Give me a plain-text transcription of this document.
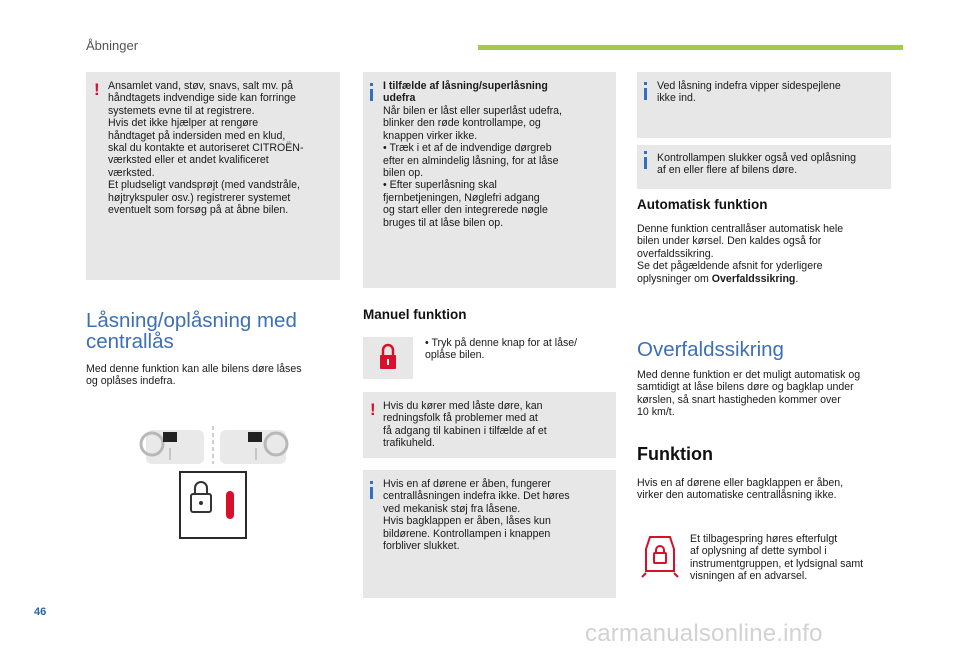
Åbninger
! Ansamlet vand, støv, snavs, salt mv. på
håndtagets indvendige side kan forringe
systemets evne til at registrere.
Hvis det ikke hjælper at rengøre
håndtaget på indersiden med en klud,
skal du kontakte et autoriseret CITROËN-
værksted eller et andet kvalificeret
værksted.
Et pludseligt vandsprøjt (med vandstråle,
højtrykspuler osv.) registrerer systemet
eventuelt som forsøg på at åbne bilen.
Låsning/oplåsning med
centrallås
Med denne funktion kan alle bilens døre låses
og oplåses indefra.
I tilfælde af låsning/superlåsning
udefra
Når bilen er låst eller superlåst udefra,
blinker den røde kontrollampe, og
knappen virker ikke.
• Træk i et af de indvendige dørgreb
efter en almindelig låsning, for at låse
bilen op.
• Efter superlåsning skal
fjernbetjeningen, Nøglefri adgang
og start eller den integrerede nøgle
bruges til at låse bilen op.
Manuel funktion
• Tryk på denne knap for at låse/
oplåse bilen.
! Hvis du kører med låste døre, kan
redningsfolk få problemer med at
få adgang til kabinen i tilfælde af et
trafikuheld.
Hvis en af dørene er åben, fungerer
centrallåsningen indefra ikke. Det høres
ved mekanisk støj fra låsene.
Hvis bagklappen er åben, låses kun
bildørene. Kontrollampen i knappen
forbliver slukket.
Ved låsning indefra vipper sidespejlene
ikke ind.
Kontrollampen slukker også ved oplåsning
af en eller flere af bilens døre.
Automatisk funktion
Denne funktion centrallåser automatisk hele
bilen under kørsel. Den kaldes også for
overfaldssikring.
Se det pågældende afsnit for yderligere
oplysninger om Overfaldssikring.
Overfaldssikring
Med denne funktion er det muligt automatisk og
samtidigt at låse bilens døre og bagklap under
kørslen, så snart hastigheden kommer over
10 km/t.
Funktion
Hvis en af dørene eller bagklappen er åben,
virker den automatiske centrallåsning ikke.
Et tilbagespring høres efterfulgt
af oplysning af dette symbol i
instrumentgruppen, et lydsignal samt
visningen af en advarsel.
46
carmanualsonline.info
